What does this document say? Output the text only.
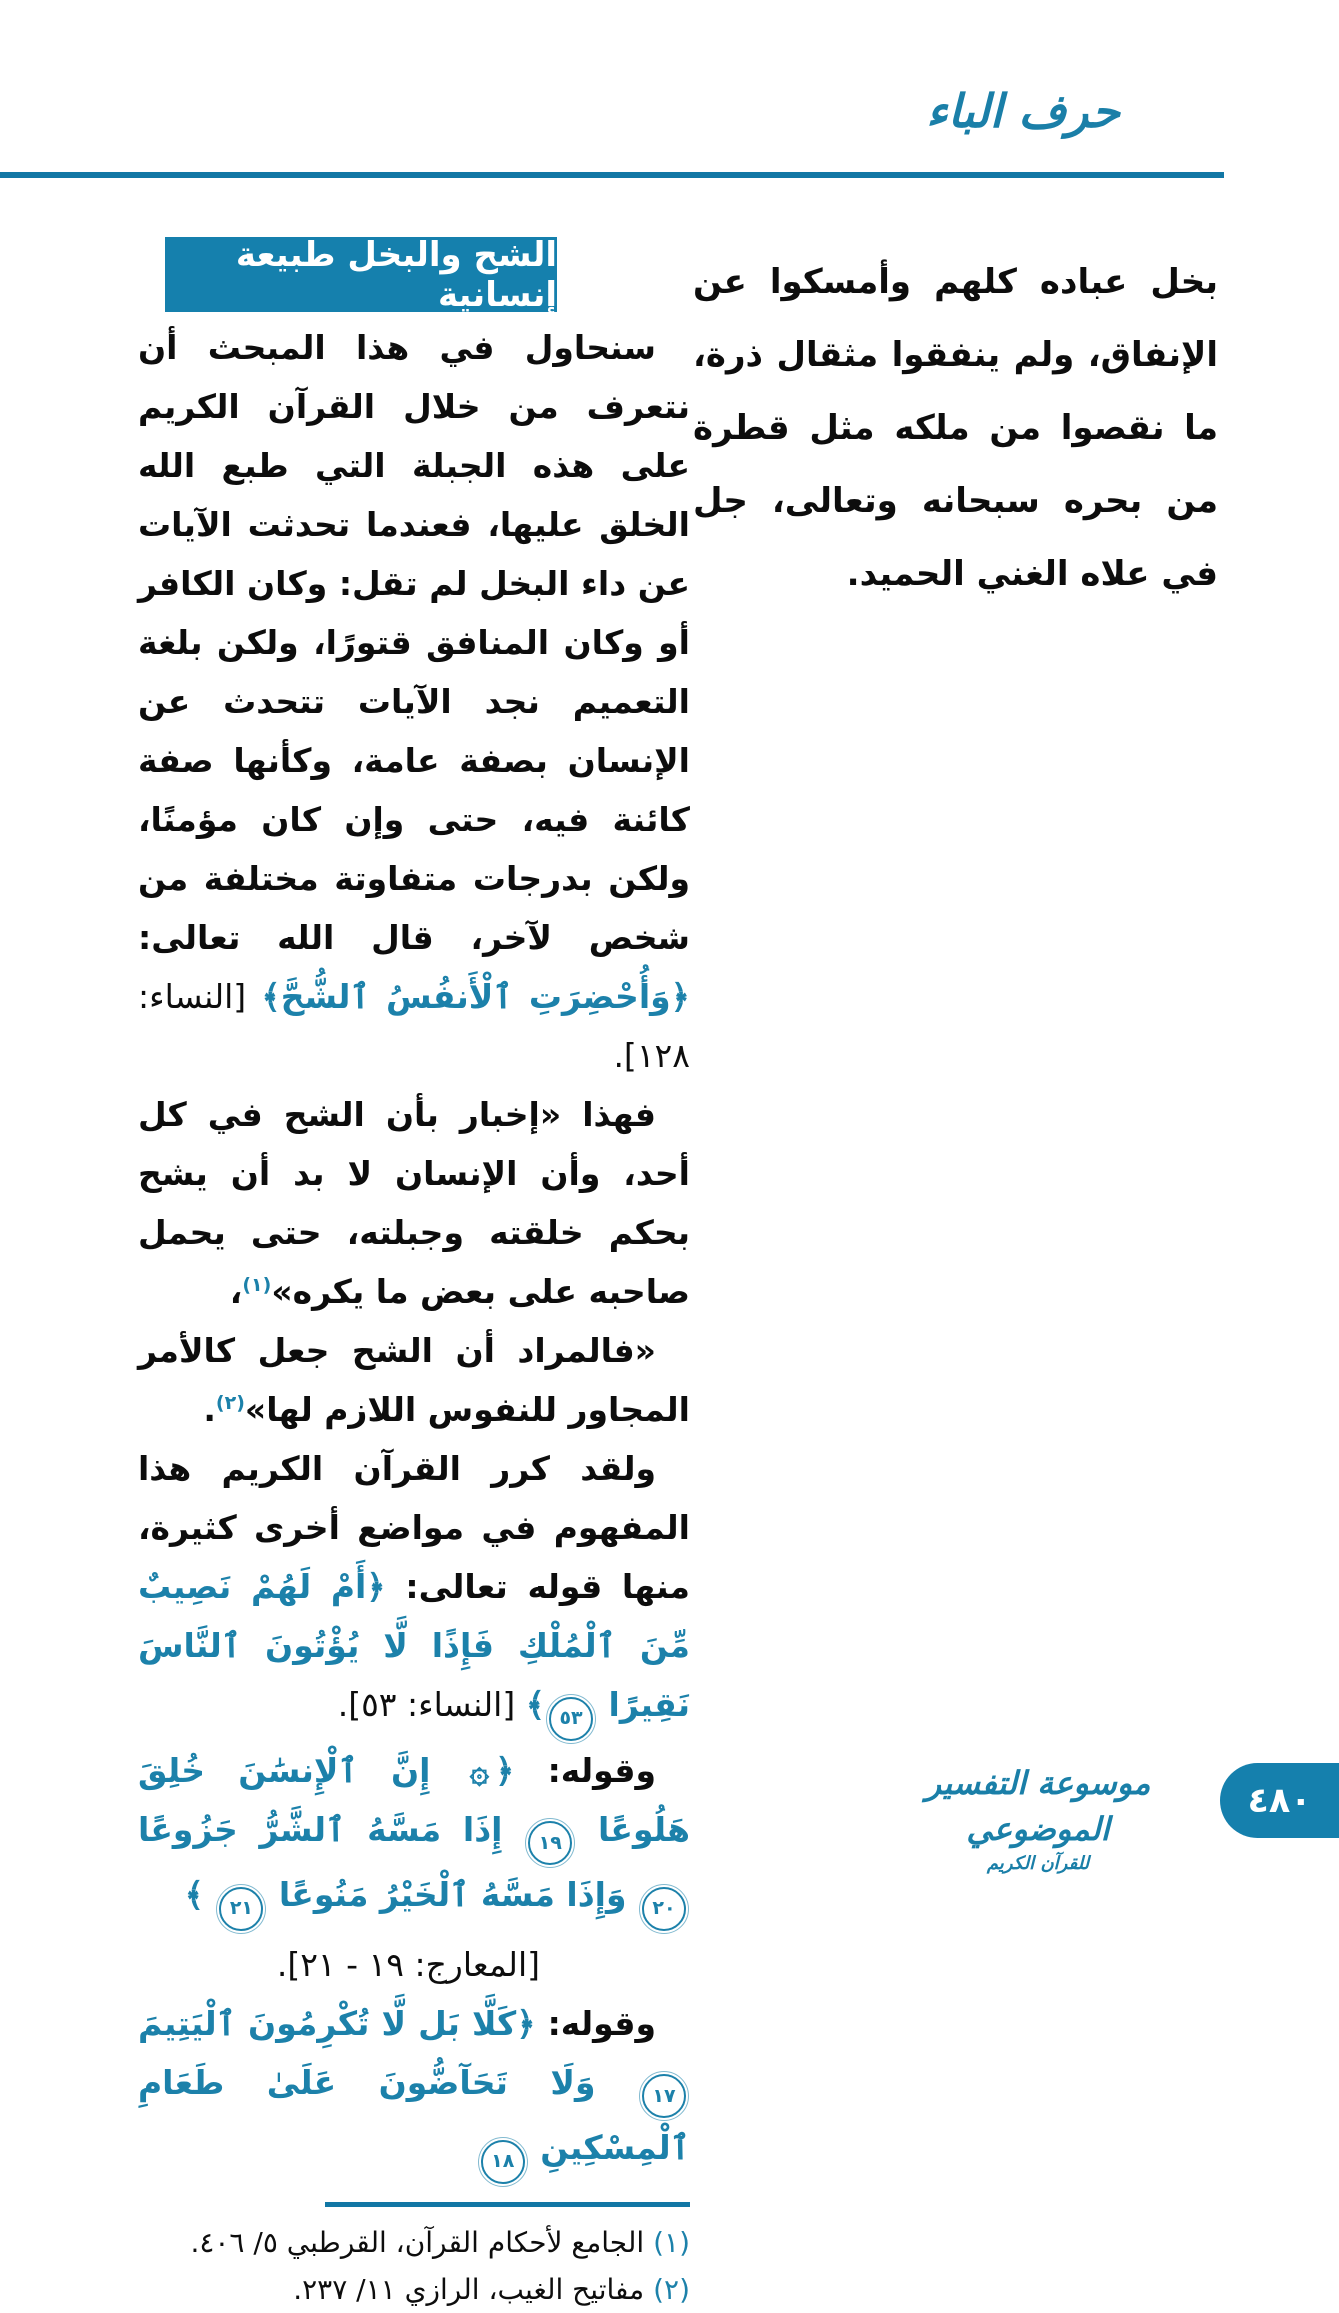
حرف الباء

بخل عباده كلهم وأمسكوا عن الإنفاق، ولم ينفقوا مثقال ذرة، ما نقصوا من ملكه مثل قطرة من بحره سبحانه وتعالى، جل في علاه الغني الحميد.

الشح والبخل طبيعة إنسانية

سنحاول في هذا المبحث أن نتعرف من خلال القرآن الكريم على هذه الجبلة التي طبع الله الخلق عليها، فعندما تحدثت الآيات عن داء البخل لم تقل: وكان الكافر أو وكان المنافق قتورًا، ولكن بلغة التعميم نجد الآيات تتحدث عن الإنسان بصفة عامة، وكأنها صفة كائنة فيه، حتى وإن كان مؤمنًا، ولكن بدرجات متفاوتة مختلفة من شخص لآخر، قال الله تعالى: ﴿وَأُحْضِرَتِ ٱلْأَنفُسُ ٱلشُّحَّ﴾ [النساء: ١٢٨].

فهذا «إخبار بأن الشح في كل أحد، وأن الإنسان لا بد أن يشح بحكم خلقته وجبلته، حتى يحمل صاحبه على بعض ما يكره»$^{(١)}$،

«فالمراد أن الشح جعل كالأمر المجاور للنفوس اللازم لها»$^{(٢)}$.

ولقد كرر القرآن الكريم هذا المفهوم في مواضع أخرى كثيرة، منها قوله تعالى: ﴿أَمْ لَهُمْ نَصِيبٌ مِّنَ ٱلْمُلْكِ فَإِذًا لَّا يُؤْتُونَ ٱلنَّاسَ نَقِيرًا ٥٣﴾ [النساء: ٥٣].

وقوله: ﴿۞ إِنَّ ٱلْإِنسَٰنَ خُلِقَ هَلُوعًا ١٩ إِذَا مَسَّهُ ٱلشَّرُّ جَزُوعًا ٢٠ وَإِذَا مَسَّهُ ٱلْخَيْرُ مَنُوعًا ٢١ ﴾
[المعارج: ١٩ - ٢١].

وقوله: ﴿كَلَّا بَل لَّا تُكْرِمُونَ ٱلْيَتِيمَ ١٧ وَلَا تَحَآضُّونَ عَلَىٰ طَعَامِ ٱلْمِسْكِينِ ١٨

(١) الجامع لأحكام القرآن، القرطبي ٥/ ٤٠٦.

(٢) مفاتيح الغيب، الرازي ١١/ ٢٣٧.

موسوعة التفسير الموضوعي
للقرآن الكريم
٤٨٠
